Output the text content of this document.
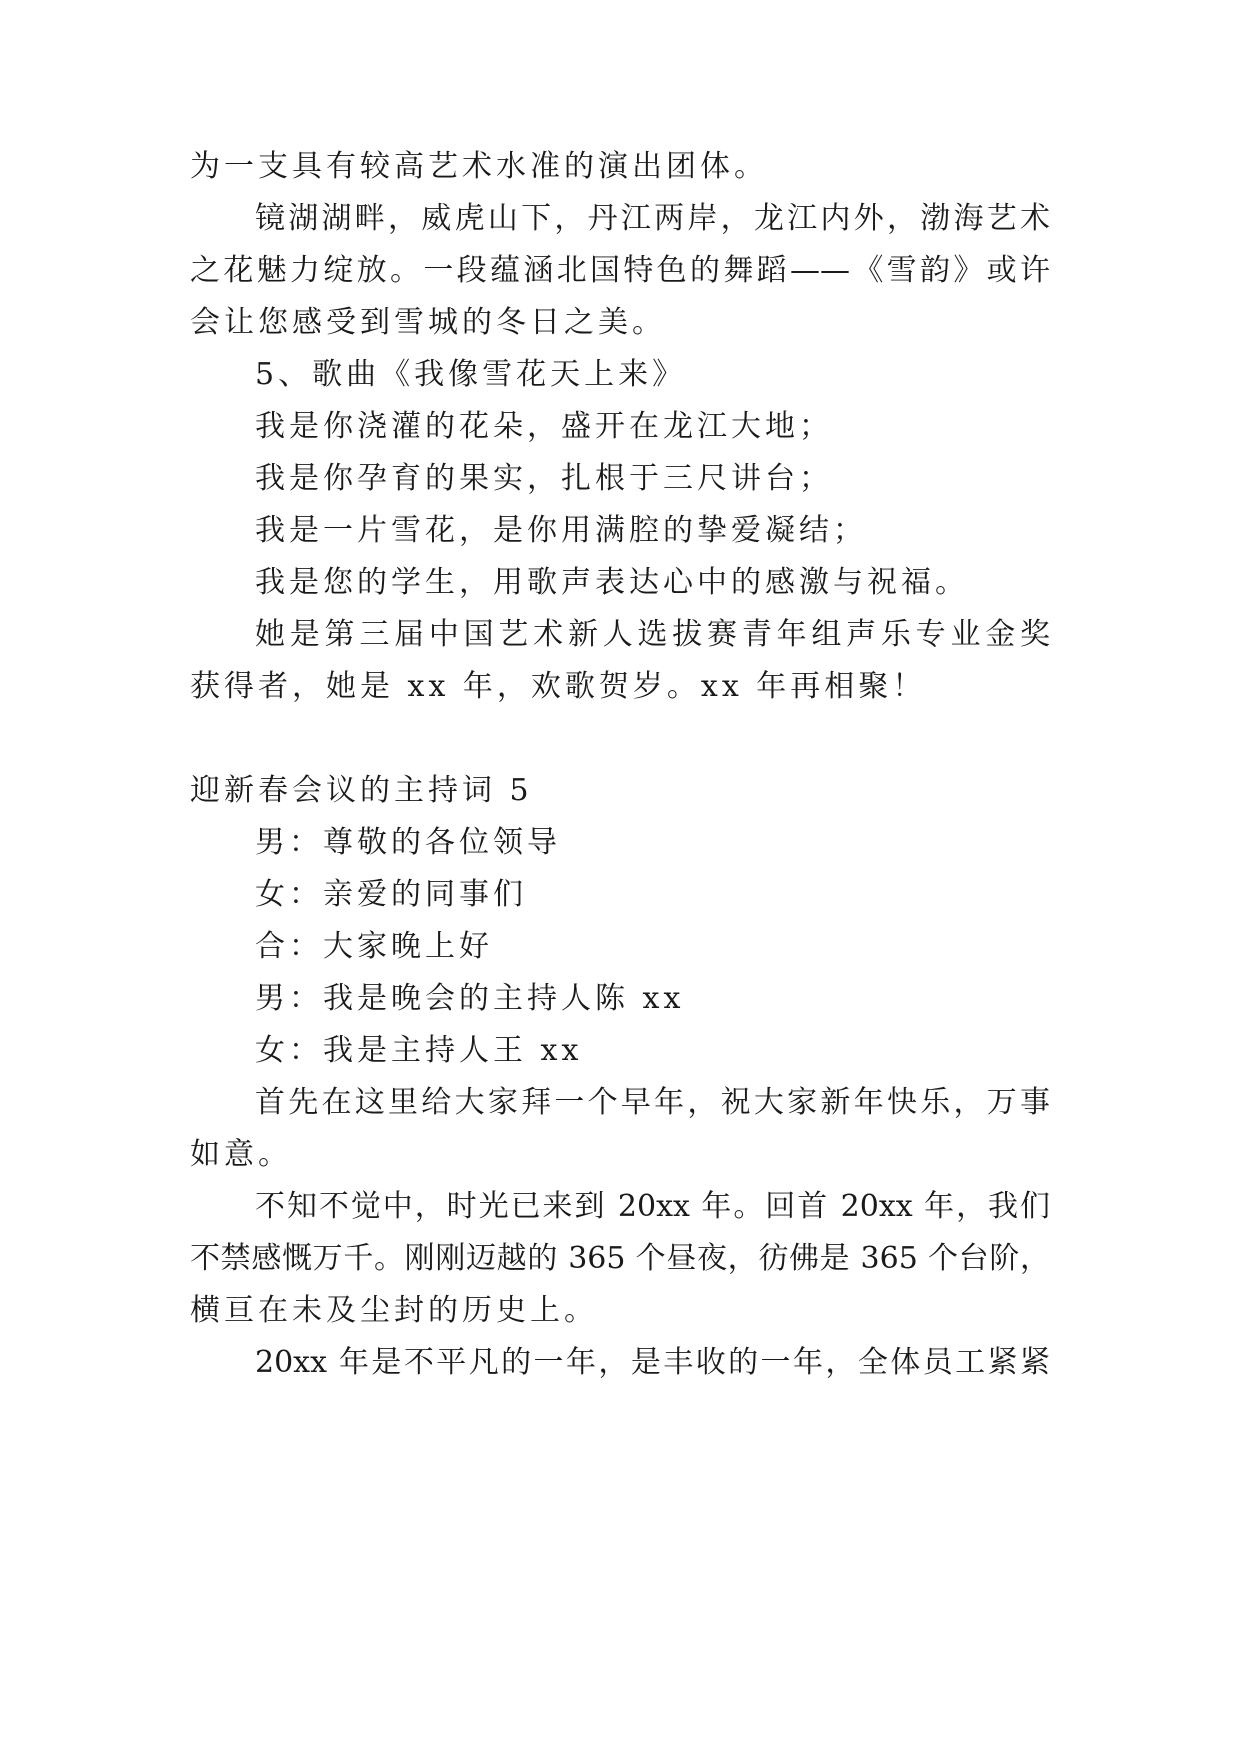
为一支具有较高艺术水准的演出团体。

镜湖湖畔，威虎山下，丹江两岸，龙江内外，渤海艺术

之花魅力绽放。一段蕴涵北国特色的舞蹈——《雪韵》或许

会让您感受到雪城的冬日之美。

5、歌曲《我像雪花天上来》

我是你浇灌的花朵，盛开在龙江大地；

我是你孕育的果实，扎根于三尺讲台；

我是一片雪花，是你用满腔的挚爱凝结；

我是您的学生，用歌声表达心中的感激与祝福。

她是第三届中国艺术新人选拔赛青年组声乐专业金奖

获得者，她是 xx 年，欢歌贺岁。xx 年再相聚！

迎新春会议的主持词 5

男：尊敬的各位领导

女：亲爱的同事们

合：大家晚上好

男：我是晚会的主持人陈 xx

女：我是主持人王 xx

首先在这里给大家拜一个早年，祝大家新年快乐，万事

如意。

不知不觉中，时光已来到 20xx 年。回首 20xx 年，我们

不禁感慨万千。刚刚迈越的 365 个昼夜，彷佛是 365 个台阶，

横亘在未及尘封的历史上。

20xx 年是不平凡的一年，是丰收的一年，全体员工紧紧
